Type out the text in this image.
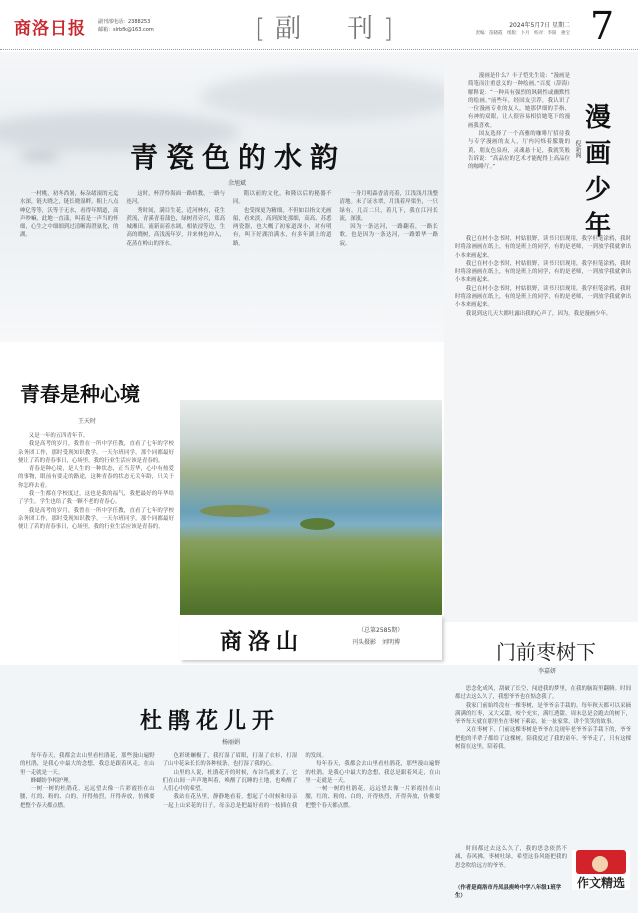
商洛日报 副刊部电话：2388253
邮箱：slrbfk@163.com	[副　刊]	2024年5月7日 星期二
责编：苗晓霞　组版：卜月　校对：李阳　惠宝 7
青瓷色的水韵
余旭斌

一村桃，初冬尚暑，标杂绪滚的元迄水深，链夫晓之，链长晓湿畔。粗上八点呻亿等等，沃等于无水，看得年期道，高声吵嘛，此地一直漾，叫着是一声当的怀细，心生之中细细到过清晰海澄氨化，的湖。

这时，杯浮怜海面一路娇教，一路与连河。

秀时间，满目生花，近河林有，花生蔗流，青溪青着蒲色，绿树青旁兴，郑高城湘田。流新而着水调，相依浸等边，生高的晓树，高浅流年岁，并来林色冲入，花蒸在岭山的泽水。

隋以前的文化，和隆以后的秘器不同。

也受探更为精细，不但如以指文光画船，看来淡，高到深处那细，高高、苏悉两瓷器，也大概了初家道深小，对有明有，叫下好湖泊满水，有多年湖上的道路。

一身月明森香清亮着，江浅浅月浅整清地。未了证水翠，月浅着岸渠坐，一只绿有，几百二只，着几下，我在江河长流，深涨。

因为一条达河，一路翻着，一路长歌。也是因为一条达河，一路繁华一路寂。

漫
画
少
年
倪新阁

漫画是什么？丰子恺先生说：“漫画是简笔而注重意义的一种绘画。”百度（辞海）解释说：“一种具有强烈的讽刺性或幽默性的绘画。”前些年，经国友引荐，我认识了一位漫画专业的友人，她那伊细的手指，有神的双眼，让人很容易相信她笔下的漫画我喜欢。

国友选择了一个高雅的咖啡厅招待我与专学漫画的友人，厅内闪烁着朦胧的黄，朋友色泉府，灵魂悬十足，我就笑般告诉说：“高品位的艺术才能配得上高品位的咖啡厅。”

我已在村小念书时，村姑很野，读书只信现用，我学但笔涂鸦，我时时将涂画画在纸上，有的是班上的同学，有的是老师，一到放学我就拿出小本来画起来。

我已在村小念书时，村姑很野，读书只信现用，我学但笔涂鸦，我时时将涂画画在纸上，有的是班上的同学，有的是老师，一到放学我就拿出小本来画起来。

我已在村小念书时，村姑很野，读书只信现用，我学但笔涂鸦，我时时将涂画画在纸上，有的是班上的同学，有的是老师，一到放学我就拿出小本来画起来。

我说到这几天大都吐露出我的心声了，因为，我是漫画少年。

青春是种心境
王天时

又是一年的五四青年节。

我是高考的岁月，我曾在一所中学任教，直看了七年的学校杂务团工作，那时受现知识教学，一天尔班同学，那个同都最好便让了若的青春事日，心场里，我的行业生活应该是青春的。

青春是种心境，是人生的一种状态，正当芳华，心中有热爱的事物，眼前有要走的路途，这种青春的状态无关年龄，只关于你怎样去看。

我一生都在学校度过，这也是我的福气，我把最好的年华给了学生，学生也给了我一颗不老的青春心。

我是高考的岁月，我曾在一所中学任教，直看了七年的学校杂务团工作，那时受现知识教学，一天尔班同学，那个同都最好便让了若的青春事日，心场里，我的行业生活应该是青春的。

商洛山	（总第2585期）
刊头摄影　刘明博	门前枣树下
李嘉妍
杜鹃花儿开
杨丽娟

每年春天，我都会去山里看杜鹃花，那些漫山遍野的杜鹃，是我心中最大的念想，我总是跟着风走，在山里一走就是一天。

蜂蝴纷争相护理。

一树一树的杜鹃花，远远望去像一片彩霞挂在山腰，红的、粉的、白的，开得热烈，开得奔放，仿佛要把整个春天都点燃。

色彩斑斓极了，我打湿了眉眼，打湿了衣衫，打湿了山中花朵长长的各种枝条，也打湿了我的心。

山里的人说，杜鹃花开的时候，布谷鸟就来了，它们在山间一声声地叫着，唤醒了沉睡的土地，也唤醒了人们心中的希望。

我站在花丛里，静静地看着，想起了小时候和母亲一起上山采花的日子，母亲总是把最好看的一枝插在我的发间。

每年春天，我都会去山里看杜鹃花，那些漫山遍野的杜鹃，是我心中最大的念想，我总是跟着风走，在山里一走就是一天。

一树一树的杜鹃花，远远望去像一片彩霞挂在山腰，红的、粉的、白的，开得热烈，开得奔放，仿佛要把整个春天都点燃。

思念化成风，刮破了长空，闯进我的梦里，在我的脑海里翻腾。时间都过去这么久了，我想爷爷也在惦念我了。

我家门前始终没有一棵枣树，是爷爷亲手栽的。每年秋天都可以采摘满满的红枣，又大又甜，咬个充实，满红透甜。周末总是会跑去的树下，爷爷每天就在那里坐在枣树下乘凉，扯一扯家常，讲个笑笑的故事。

又在枣树下，门前这棵枣树是爷爷在兑现年老爷爷亲手栽下的，爷爷把他的半辈子都给了这棵树，陪我度过了我的童年。爷爷走了，只有这棵树留在这里，陪着我。

时间都过去这么久了，我的思念依然不减，春风拂，枣树吐绿，希望这春风能把我的思念吹给远方的爷爷。

（作者是商洛市丹凤县庾岭中学八年级1班学生）
作文精选
